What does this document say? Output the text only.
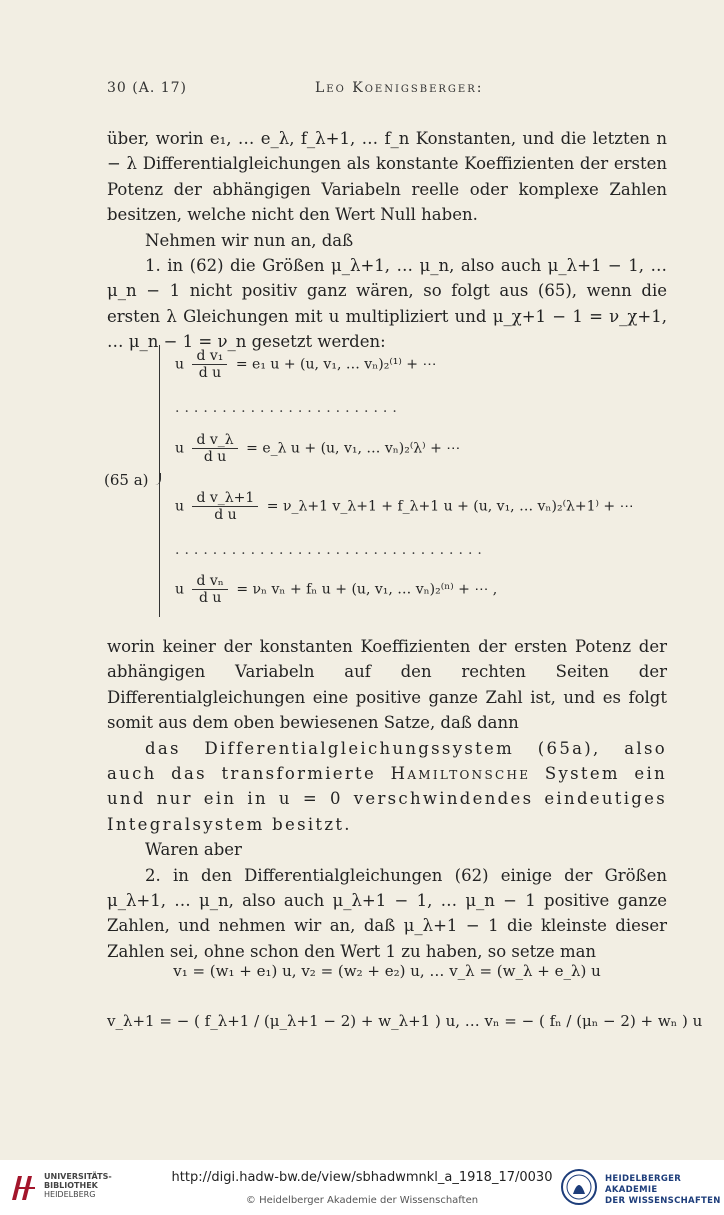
30 (A. 17)	Leo Koenigsberger:

über, worin e₁, … e_λ, f_λ+1, … f_n Konstanten, und die letzten n − λ Differentialgleichungen als konstante Koeffizienten der ersten Potenz der abhängigen Variabeln reelle oder komplexe Zahlen besitzen, welche nicht den Wert Null haben.

Nehmen wir nun an, daß

1. in (62) die Größen μ_λ+1, … μ_n, also auch μ_λ+1 − 1, … μ_n − 1 nicht positiv ganz wären, so folgt aus (65), wenn die ersten λ Gleichungen mit u multipliziert und μ_χ+1 − 1 = ν_χ+1, … μ_n − 1 = ν_n gesetzt werden:

(65 a)
u $\frac{\text{d v₁}}{\text{d u}} = e_1$ u + (u, v₁, … vₙ)₂⁽¹⁾ + ⋯
........................
u $\frac{\text{d v\_λ}}{\text{d u}}$ = e_λ u + (u, v₁, … vₙ)₂⁽λ⁾ + ⋯
u $\frac{\text{d v\_λ+1}}{\text{d u}}$ = ν_λ+1 v_λ+1 + f_λ+1 u + (u, v₁, … vₙ)₂⁽λ+1⁾ + ⋯
.................................
u $\frac{\text{d vₙ}}{\text{d u}} = \nu_n$ vₙ + fₙ u + (u, v₁, … vₙ)₂⁽ⁿ⁾ + ⋯ ,

worin keiner der konstanten Koeffizienten der ersten Potenz der abhängigen Variabeln auf den rechten Seiten der Differentialgleichungen eine positive ganze Zahl ist, und es folgt somit aus dem oben bewiesenen Satze, daß dann

das Differentialgleichungssystem (65a), also auch das transformierte Hamiltonsche System ein und nur ein in u = 0 verschwindendes eindeutiges Integralsystem besitzt.

Waren aber

2. in den Differentialgleichungen (62) einige der Größen μ_λ+1, … μ_n, also auch μ_λ+1 − 1, … μ_n − 1 positive ganze Zahlen, und nehmen wir an, daß μ_λ+1 − 1 die kleinste dieser Zahlen sei, ohne schon den Wert 1 zu haben, so setze man

v₁ = (w₁ + e₁) u, v₂ = (w₂ + e₂) u, … v_λ = (w_λ + e_λ) u
v_λ+1 = − ( f_λ+1 / (μ_λ+1 − 2) + w_λ+1 ) u, … vₙ = − ( fₙ / (μₙ − 2) + wₙ ) u
UNIVERSITÄTS-
BIBLIOTHEK
HEIDELBERG
http://digi.hadw-bw.de/view/sbhadwmnkl_a_1918_17/0030
© Heidelberger Akademie der Wissenschaften
HEIDELBERGER AKADEMIE
DER WISSENSCHAFTEN
